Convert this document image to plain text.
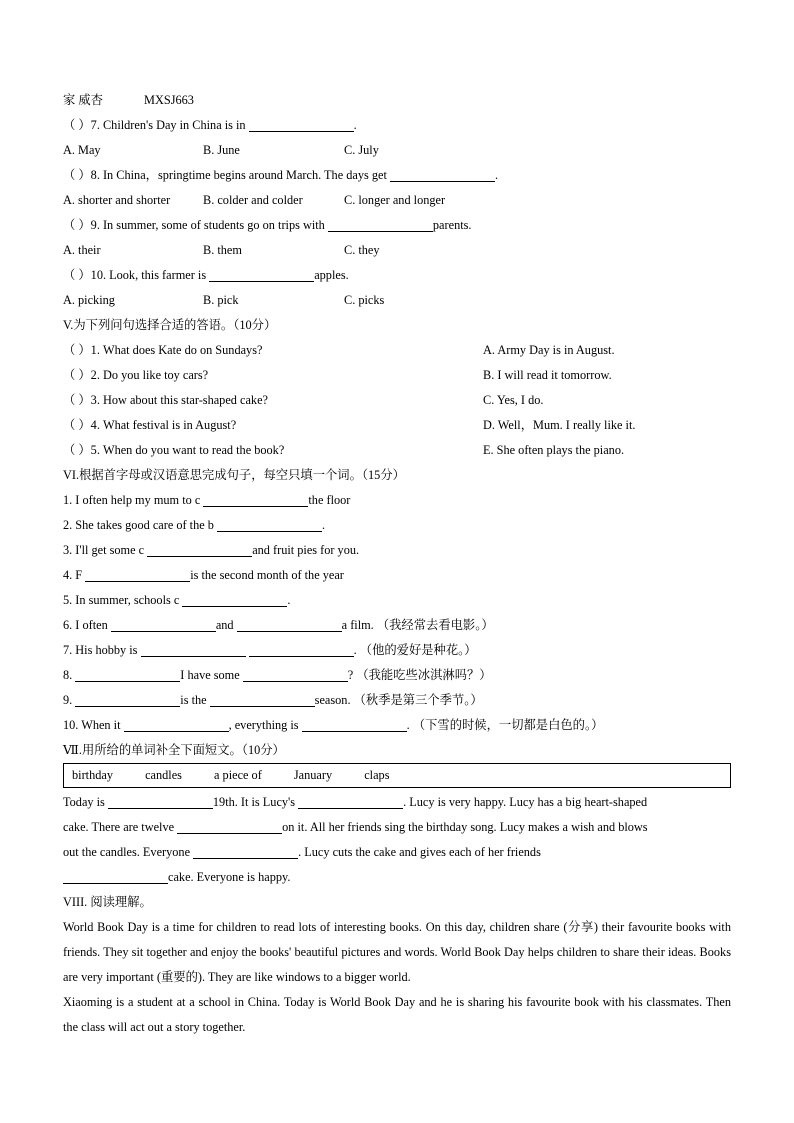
家 威杏	MXSJ663
（ ）7. Children's Day in China is in	.
A. May	B. June	C. July
（ ）8. In China，springtime begins around March. The days get	.
A. shorter and shorter	B. colder and colder	C. longer and longer
（ ）9. In summer, some of students go on trips with	parents.
A. their	B. them	C. they
（ ）10. Look, this farmer is	apples.
A. picking	B. pick	C. picks
V.为下列问句选择合适的答语。（10分）
（ ）1. What does Kate do on Sundays?	A. Army Day is in August.
（ ）2. Do you like toy cars?	B. I will read it tomorrow.
（ ）3. How about this star-shaped cake?	C. Yes, I do.
（ ）4. What festival is in August?	D. Well，Mum. I really like it.
（ ）5. When do you want to read the book?	E. She often plays the piano.
VI.根据首字母或汉语意思完成句子，每空只填一个词。（15分）
1. I often help my mum to c	the floor
2. She takes good care of the b	.
3. I'll get some c	and fruit pies for you.
4. F	is the second month of the year
5. In summer, schools c	.
6. I often	and	a film. （我经常去看电影。）
7. His hobby is	. （他的爱好是种花。）
8.	I have some	? （我能吃些冰淇淋吗？）
9.	is the	season. （秋季是第三个季节。）
10. When it	, everything is	. （下雪的时候，一切都是白色的。）
Ⅶ.用所给的单词补全下面短文。（10分）
birthday	candles	a piece of	January	claps
Today is	19th. It is Lucy's	. Lucy is very happy. Lucy has a big heart-shaped
cake. There are twelve	on it. All her friends sing the birthday song. Lucy makes a wish and blows
out the candles. Everyone	. Lucy cuts the cake and gives each of her friends
cake. Everyone is happy.
VIII. 阅读理解。
World Book Day is a time for children to read lots of interesting books. On this day, children share (分享) their favourite books with friends. They sit together and enjoy the books' beautiful pictures and words. World Book Day helps children to share their ideas. Books are very important (重要的). They are like windows to a bigger world.
Xiaoming is a student at a school in China. Today is World Book Day and he is sharing his favourite book with his classmates. Then the class will act out a story together.
